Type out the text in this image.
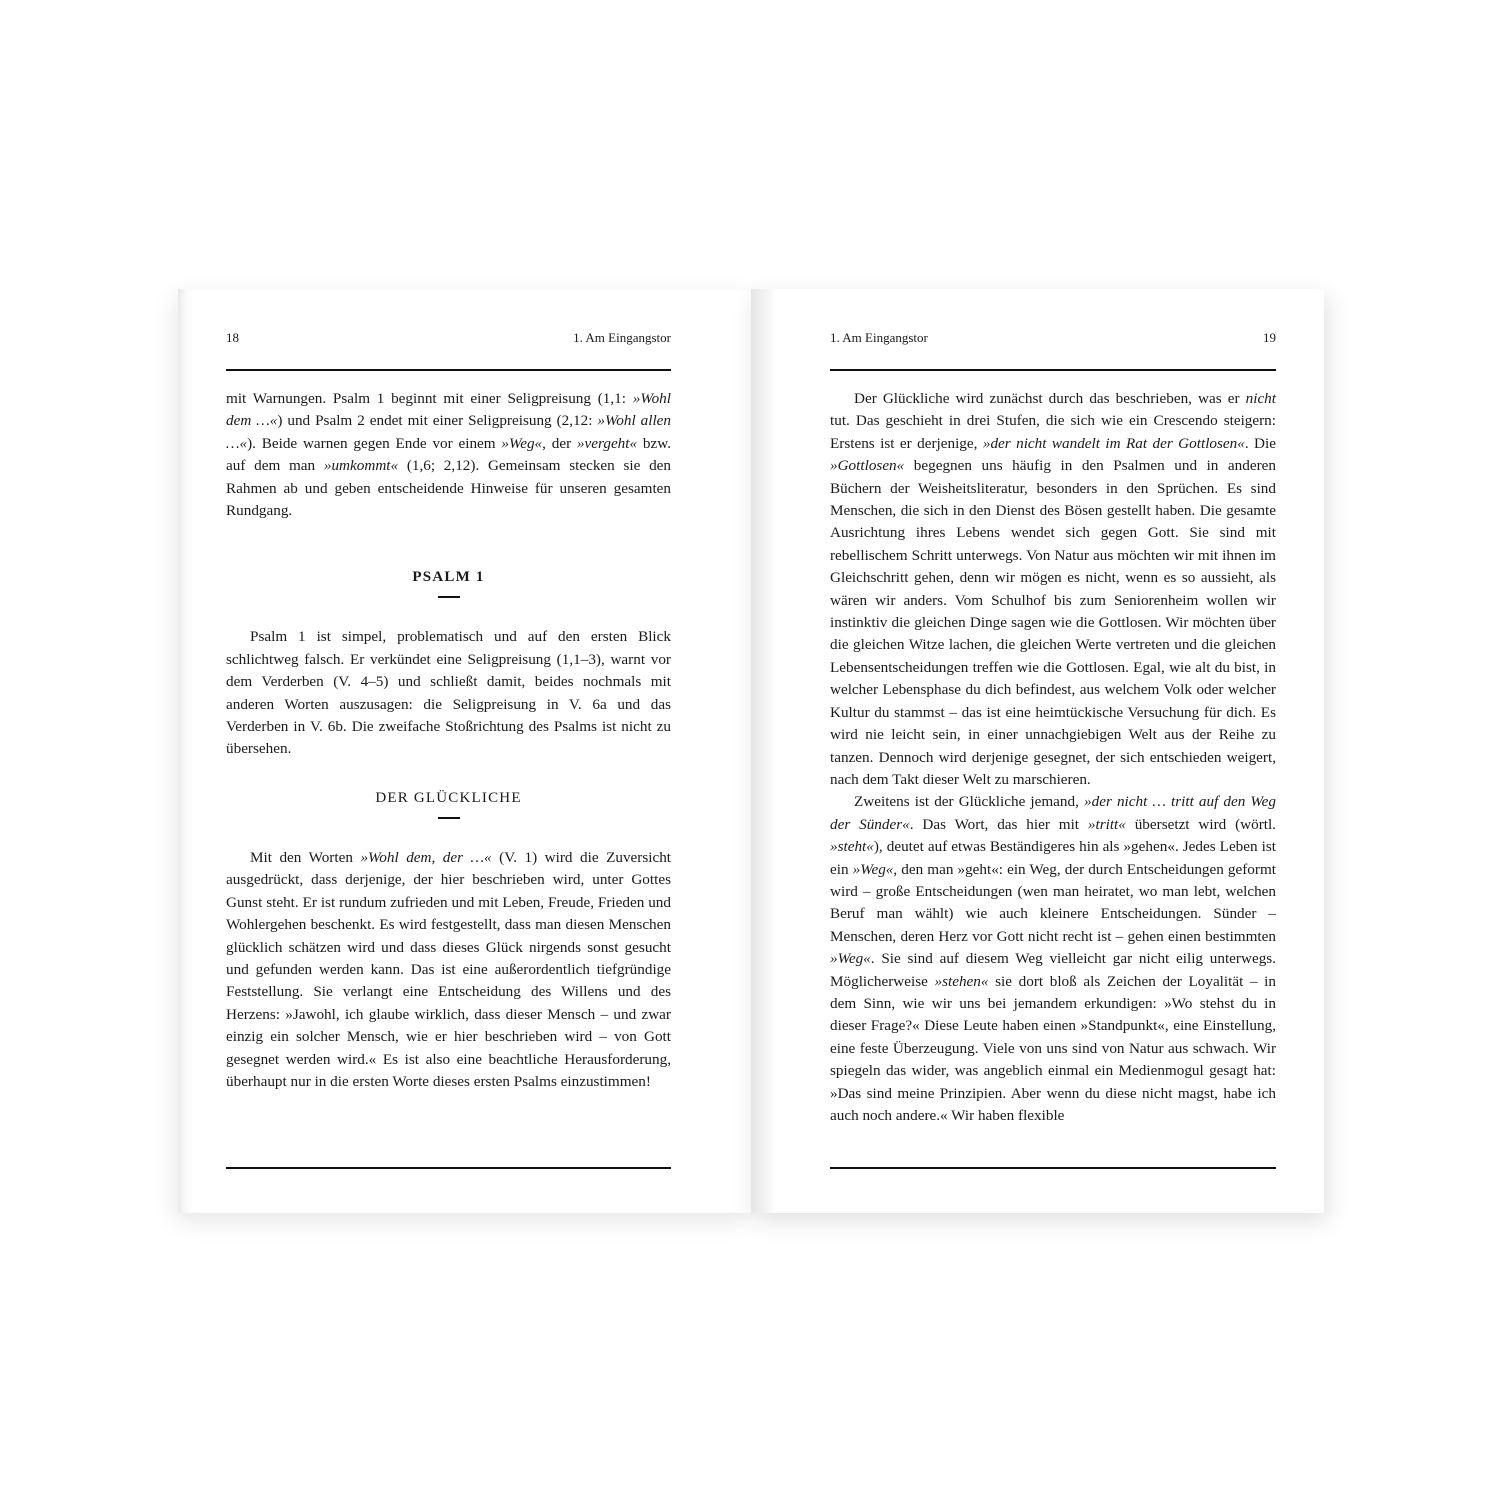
18	1. Am Eingangstor

mit Warnungen. Psalm 1 beginnt mit einer Seligpreisung (1,1: »Wohl dem …«) und Psalm 2 endet mit einer Seligpreisung (2,12: »Wohl allen …«). Beide warnen gegen Ende vor einem »Weg«, der »vergeht« bzw. auf dem man »umkommt« (1,6; 2,12). Gemeinsam stecken sie den Rahmen ab und geben entscheidende Hinweise für unseren gesamten Rundgang.

PSALM 1

Psalm 1 ist simpel, problematisch und auf den ersten Blick schlichtweg falsch. Er verkündet eine Seligpreisung (1,1–3), warnt vor dem Verderben (V. 4–5) und schließt damit, beides nochmals mit anderen Worten auszusagen: die Seligpreisung in V. 6a und das Verderben in V. 6b. Die zweifache Stoßrichtung des Psalms ist nicht zu übersehen.

DER GLÜCKLICHE

Mit den Worten »Wohl dem, der …« (V. 1) wird die Zuversicht ausgedrückt, dass derjenige, der hier beschrieben wird, unter Gottes Gunst steht. Er ist rundum zufrieden und mit Leben, Freude, Frieden und Wohlergehen beschenkt. Es wird festgestellt, dass man diesen Menschen glücklich schätzen wird und dass dieses Glück nirgends sonst gesucht und gefunden werden kann. Das ist eine außerordentlich tiefgründige Feststellung. Sie verlangt eine Entscheidung des Willens und des Herzens: »Jawohl, ich glaube wirklich, dass dieser Mensch – und zwar einzig ein solcher Mensch, wie er hier beschrieben wird – von Gott gesegnet werden wird.« Es ist also eine beachtliche Herausforderung, überhaupt nur in die ersten Worte dieses ersten Psalms einzustimmen!

1. Am Eingangstor	19

Der Glückliche wird zunächst durch das beschrieben, was er nicht tut. Das geschieht in drei Stufen, die sich wie ein Crescendo steigern: Erstens ist er derjenige, »der nicht wandelt im Rat der Gottlosen«. Die »Gottlosen« begegnen uns häufig in den Psalmen und in anderen Büchern der Weisheitsliteratur, besonders in den Sprüchen. Es sind Menschen, die sich in den Dienst des Bösen gestellt haben. Die gesamte Ausrichtung ihres Lebens wendet sich gegen Gott. Sie sind mit rebellischem Schritt unterwegs. Von Natur aus möchten wir mit ihnen im Gleichschritt gehen, denn wir mögen es nicht, wenn es so aussieht, als wären wir anders. Vom Schulhof bis zum Seniorenheim wollen wir instinktiv die gleichen Dinge sagen wie die Gottlosen. Wir möchten über die gleichen Witze lachen, die gleichen Werte vertreten und die gleichen Lebensentscheidungen treffen wie die Gottlosen. Egal, wie alt du bist, in welcher Lebensphase du dich befindest, aus welchem Volk oder welcher Kultur du stammst – das ist eine heimtückische Versuchung für dich. Es wird nie leicht sein, in einer unnachgiebigen Welt aus der Reihe zu tanzen. Dennoch wird derjenige gesegnet, der sich entschieden weigert, nach dem Takt dieser Welt zu marschieren.

Zweitens ist der Glückliche jemand, »der nicht … tritt auf den Weg der Sünder«. Das Wort, das hier mit »tritt« übersetzt wird (wörtl. »steht«), deutet auf etwas Beständigeres hin als »gehen«. Jedes Leben ist ein »Weg«, den man »geht«: ein Weg, der durch Entscheidungen geformt wird – große Entscheidungen (wen man heiratet, wo man lebt, welchen Beruf man wählt) wie auch kleinere Entscheidungen. Sünder – Menschen, deren Herz vor Gott nicht recht ist – gehen einen bestimmten »Weg«. Sie sind auf diesem Weg vielleicht gar nicht eilig unterwegs. Möglicherweise »stehen« sie dort bloß als Zeichen der Loyalität – in dem Sinn, wie wir uns bei jemandem erkundigen: »Wo stehst du in dieser Frage?« Diese Leute haben einen »Standpunkt«, eine Einstellung, eine feste Überzeugung. Viele von uns sind von Natur aus schwach. Wir spiegeln das wider, was angeblich einmal ein Medienmogul gesagt hat: »Das sind meine Prinzipien. Aber wenn du diese nicht magst, habe ich auch noch andere.« Wir haben flexible
